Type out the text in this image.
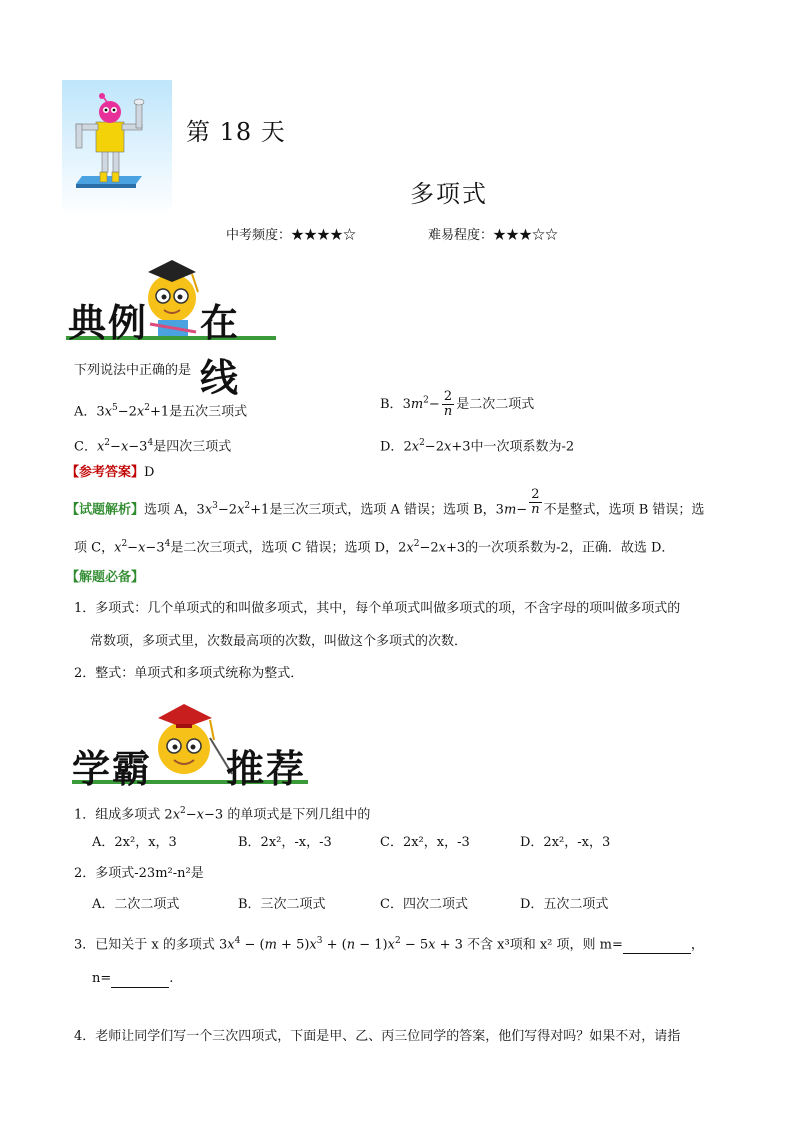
第 18 天
多项式
中考频度：★★★★☆	难易程度：★★★☆☆
典例 在线
下列说法中正确的是
A．$3x^5-2x^2+1$是五次三项式	B．$3m^2- \frac{2}{n}$ 是二次二项式
C．$x^2-x-3^4$是四次三项式	D．$2x^2-2x+3$中一次项系数为-2
【参考答案】D
【试题解析】选项 A，$3x^3-2x^2+1$是三次三项式，选项 A 错误；选项 B，$3m- \frac{2}{n}$ 不是整式，选项 B 错误；选
项 C，$x^2-x-3^4$是二次三项式，选项 C 错误；选项 D，$2x^2-2x+3$的一次项系数为-2，正确．故选 D．
【解题必备】
1．多项式：几个单项式的和叫做多项式，其中，每个单项式叫做多项式的项，不含字母的项叫做多项式的
常数项，多项式里，次数最高项的次数，叫做这个多项式的次数．
2．整式：单项式和多项式统称为整式．
学霸 推荐
1．组成多项式 $2x^2-x-3$ 的单项式是下列几组中的
A．2x²，x，3	B．2x²，-x，-3	C．2x²，x，-3	D．2x²，-x，3
2．多项式-23m²-n²是
A．二次二项式	B．三次二项式	C．四次二项式	D．五次二项式
3．已知关于 x 的多项式 $3x^4 - (m + 5)x^3 + (n - 1)x^2 - 5x + 3$ 不含 x³项和 x² 项，则 m=	，
n=	.
4．老师让同学们写一个三次四项式，下面是甲、乙、丙三位同学的答案，他们写得对吗？如果不对，请指
